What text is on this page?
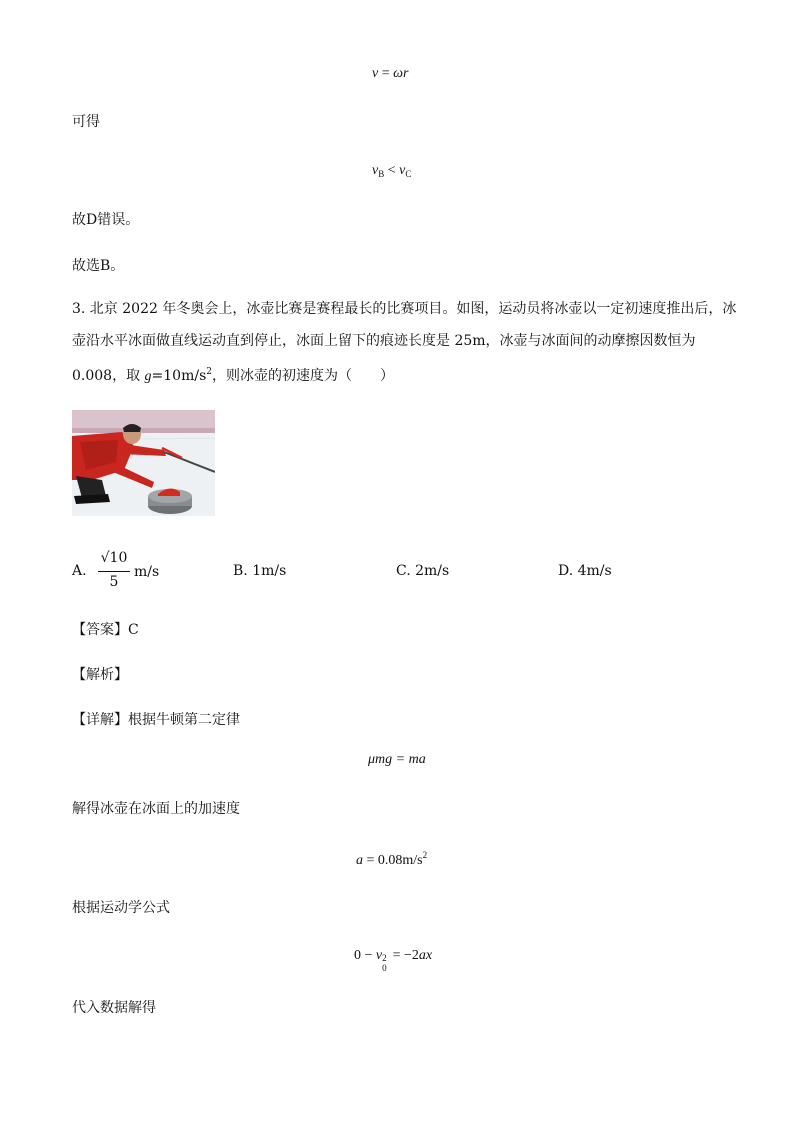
v = ωr
可得
$v_B < v_C$
故D错误。
故选B。
3. 北京 2022 年冬奥会上，冰壶比赛是赛程最长的比赛项目。如图，运动员将冰壶以一定初速度推出后，冰
壶沿水平冰面做直线运动直到停止，冰面上留下的痕迹长度是 25m，冰壶与冰面间的动摩擦因数恒为
0.008，取 $g=10m/s^2$，则冰壶的初速度为（　　）
A.
√10
5
m/s	B. 1m/s	C. 2m/s	D. 4m/s
【答案】C
【解析】
【详解】根据牛顿第二定律
μmg = ma
解得冰壶在冰面上的加速度
$a = 0.08m/s^2$
根据运动学公式
0 − v 2
0
= −2ax
代入数据解得
